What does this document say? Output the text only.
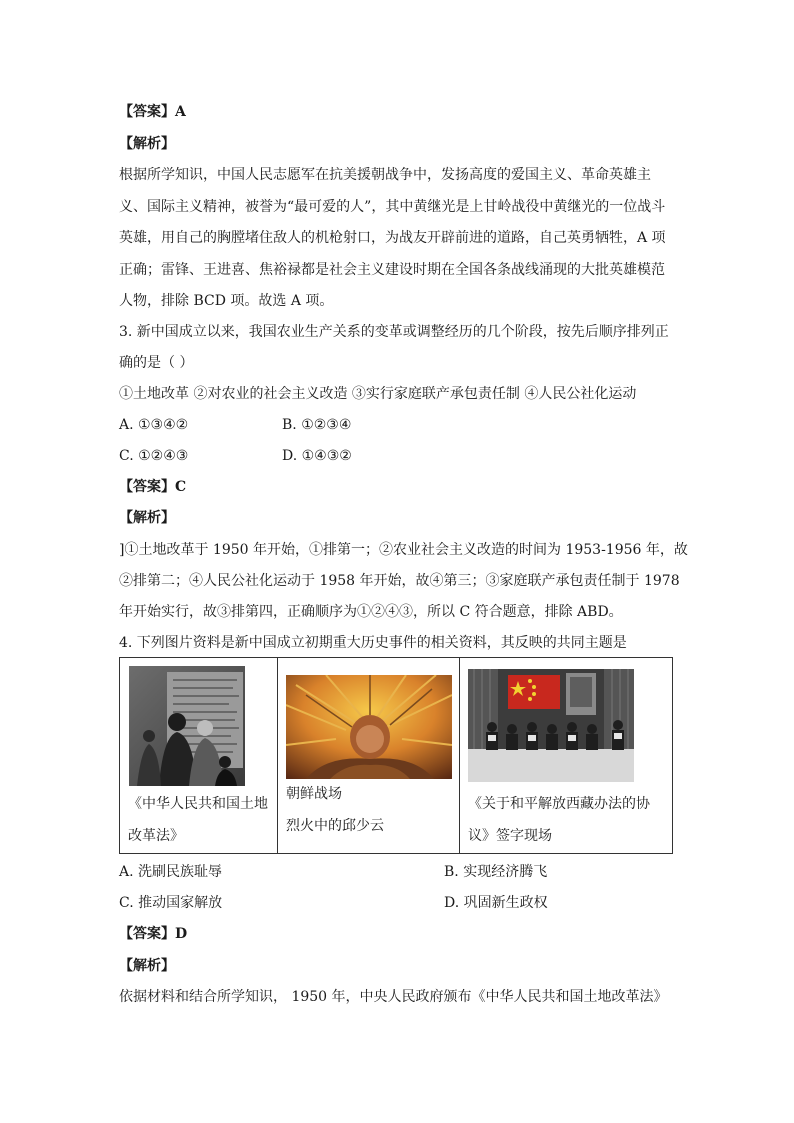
【答案】A
【解析】
根据所学知识，中国人民志愿军在抗美援朝战争中，发扬高度的爱国主义、革命英雄主
义、国际主义精神，被誉为“最可爱的人”，其中黄继光是上甘岭战役中黄继光的一位战斗
英雄，用自己的胸膛堵住敌人的机枪射口，为战友开辟前进的道路，自己英勇牺牲，A 项
正确；雷锋、王进喜、焦裕禄都是社会主义建设时期在全国各条战线涌现的大批英雄模范
人物，排除 BCD 项。故选 A 项。
3. 新中国成立以来，我国农业生产关系的变革或调整经历的几个阶段，按先后顺序排列正
确的是（ ）
①土地改革 ②对农业的社会主义改造 ③实行家庭联产承包责任制 ④人民公社化运动
A. ①③④②	B. ①②③④
C. ①②④③	D. ①④③②
【答案】C
【解析】
]①土地改革于 1950 年开始，①排第一；②农业社会主义改造的时间为 1953-1956 年，故
②排第二；④人民公社化运动于 1958 年开始，故④第三；③家庭联产承包责任制于 1978
年开始实行，故③排第四，正确顺序为①②④③，所以 C 符合题意，排除 ABD。
4. 下列图片资料是新中国成立初期重大历史事件的相关资料，其反映的共同主题是
《中华人民共和国土地
改革法》
朝鲜战场
烈火中的邱少云
《关于和平解放西藏办法的协
议》签字现场
A. 洗刷民族耻辱	B. 实现经济腾飞
C. 推动国家解放	D. 巩固新生政权
【答案】D
【解析】
依据材料和结合所学知识， 1950 年，中央人民政府颁布《中华人民共和国土地改革法》
